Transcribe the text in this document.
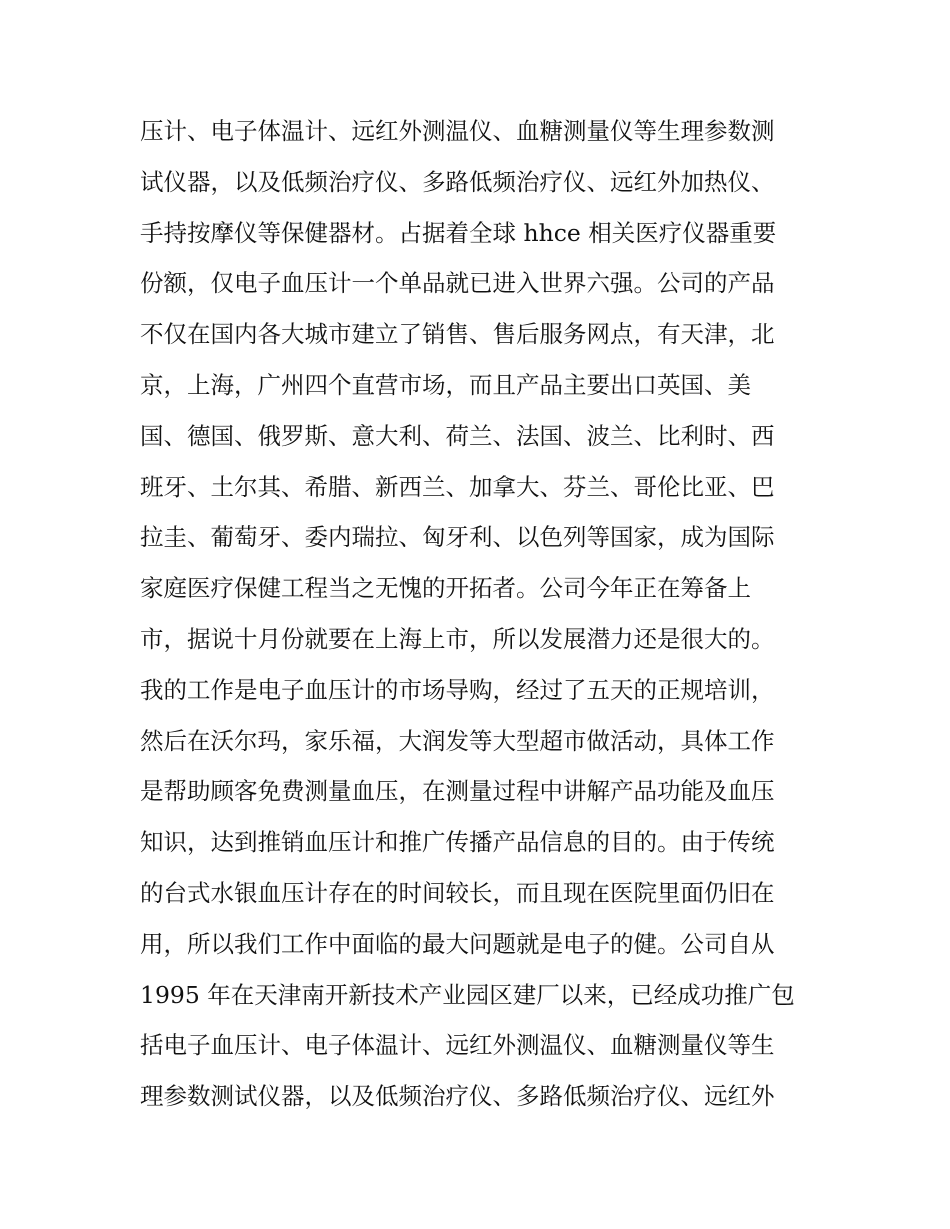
压计、电子体温计、远红外测温仪、血糖测量仪等生理参数测
试仪器，以及低频治疗仪、多路低频治疗仪、远红外加热仪、
手持按摩仪等保健器材。占据着全球 hhce 相关医疗仪器重要
份额，仅电子血压计一个单品就已进入世界六强。公司的产品
不仅在国内各大城市建立了销售、售后服务网点，有天津，北
京，上海，广州四个直营市场，而且产品主要出口英国、美
国、德国、俄罗斯、意大利、荷兰、法国、波兰、比利时、西
班牙、土尔其、希腊、新西兰、加拿大、芬兰、哥伦比亚、巴
拉圭、葡萄牙、委内瑞拉、匈牙利、以色列等国家，成为国际
家庭医疗保健工程当之无愧的开拓者。公司今年正在筹备上
市，据说十月份就要在上海上市，所以发展潜力还是很大的。
我的工作是电子血压计的市场导购，经过了五天的正规培训，
然后在沃尔玛，家乐福，大润发等大型超市做活动，具体工作
是帮助顾客免费测量血压，在测量过程中讲解产品功能及血压
知识，达到推销血压计和推广传播产品信息的目的。由于传统
的台式水银血压计存在的时间较长，而且现在医院里面仍旧在
用，所以我们工作中面临的最大问题就是电子的健。公司自从
1995 年在天津南开新技术产业园区建厂以来，已经成功推广包
括电子血压计、电子体温计、远红外测温仪、血糖测量仪等生
理参数测试仪器，以及低频治疗仪、多路低频治疗仪、远红外
